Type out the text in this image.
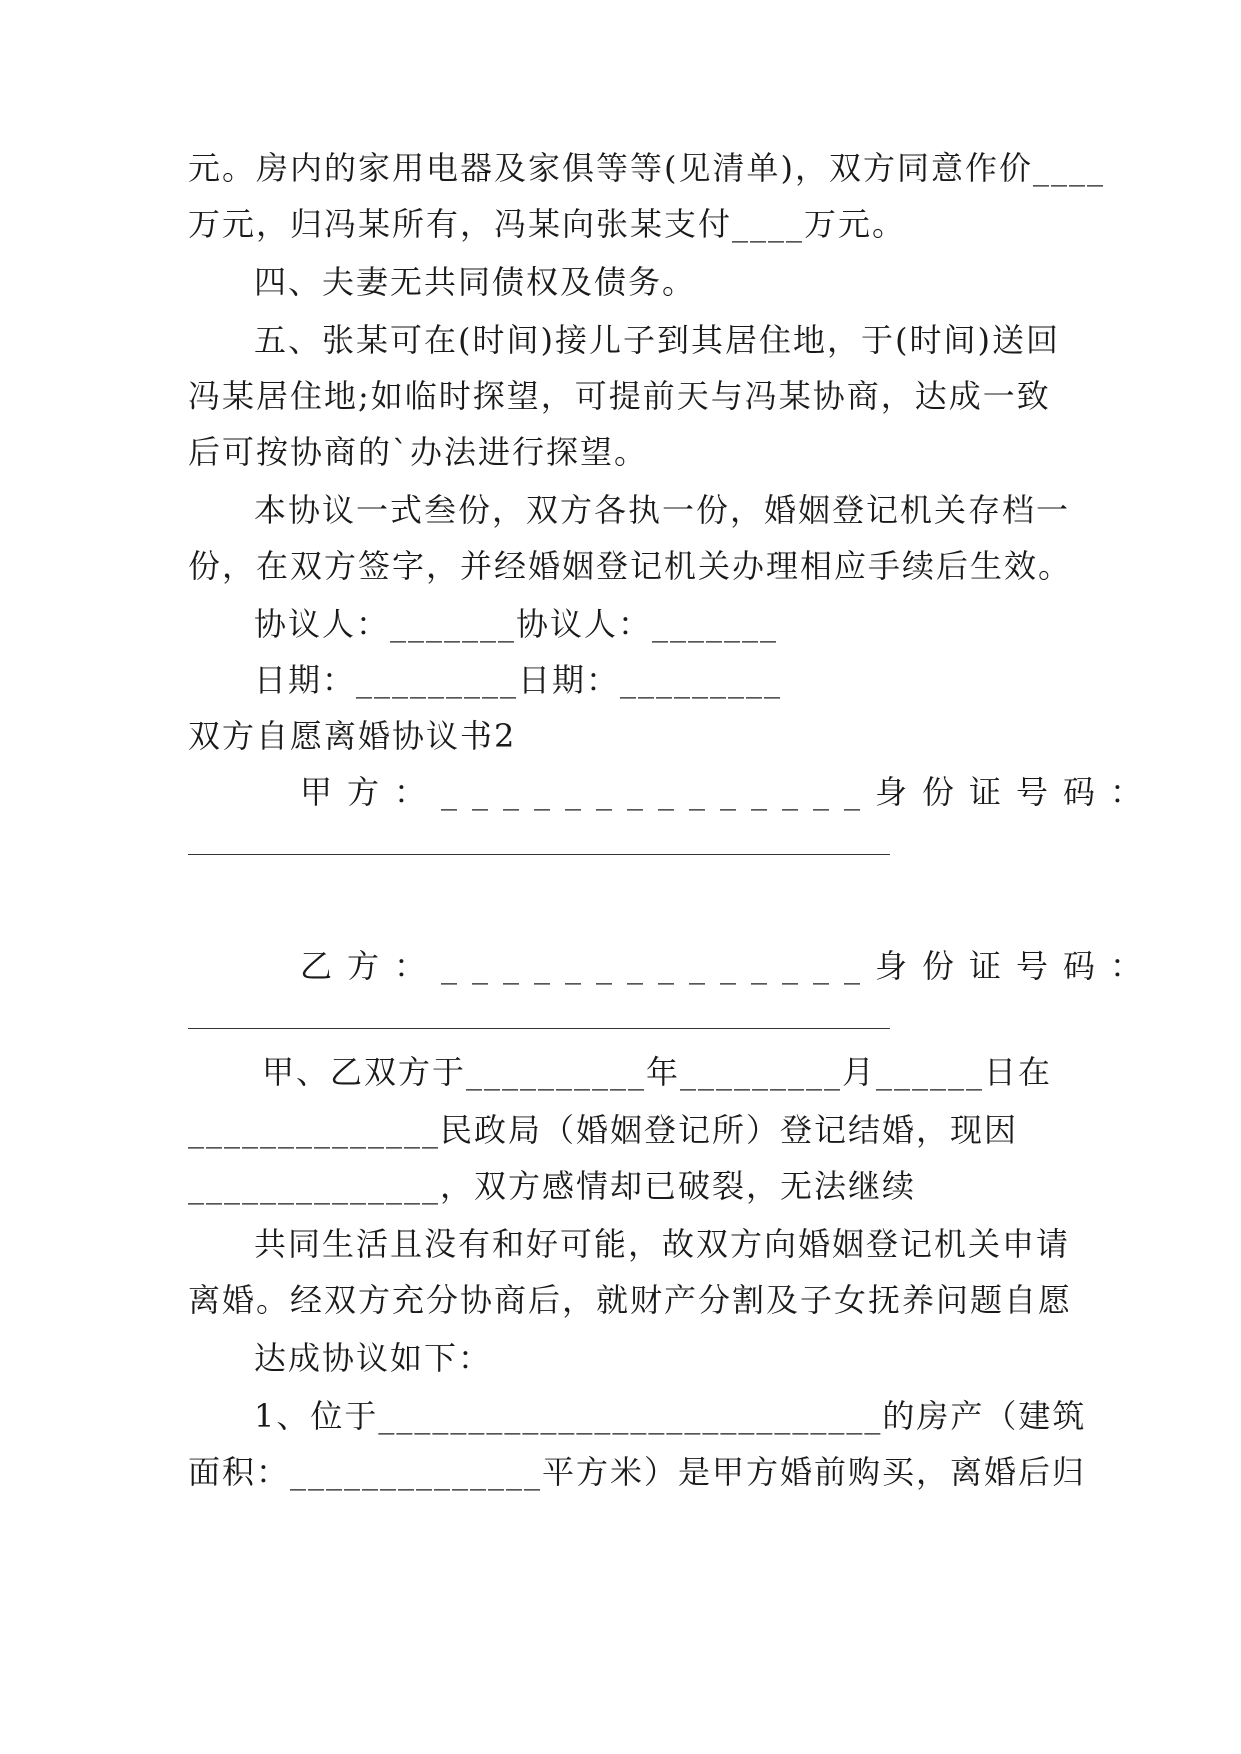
元。房内的家用电器及家俱等等(见清单)，双方同意作价____
万元，归冯某所有，冯某向张某支付____万元。
四、夫妻无共同债权及债务。
五、张某可在(时间)接儿子到其居住地，于(时间)送回
冯某居住地;如临时探望，可提前天与冯某协商，达成一致
后可按协商的`办法进行探望。
本协议一式叁份，双方各执一份，婚姻登记机关存档一
份，在双方签字，并经婚姻登记机关办理相应手续后生效。
协议人：_______协议人：_______
日期：_________日期：_________
双方自愿离婚协议书2
甲方：______________身份证号码：
乙方：______________身份证号码：
甲、乙双方于__________年_________月______日在
______________民政局（婚姻登记所）登记结婚，现因
______________，双方感情却已破裂，无法继续
共同生活且没有和好可能，故双方向婚姻登记机关申请
离婚。经双方充分协商后，就财产分割及子女抚养问题自愿
达成协议如下：
1、位于____________________________的房产（建筑
面积：______________平方米）是甲方婚前购买，离婚后归
